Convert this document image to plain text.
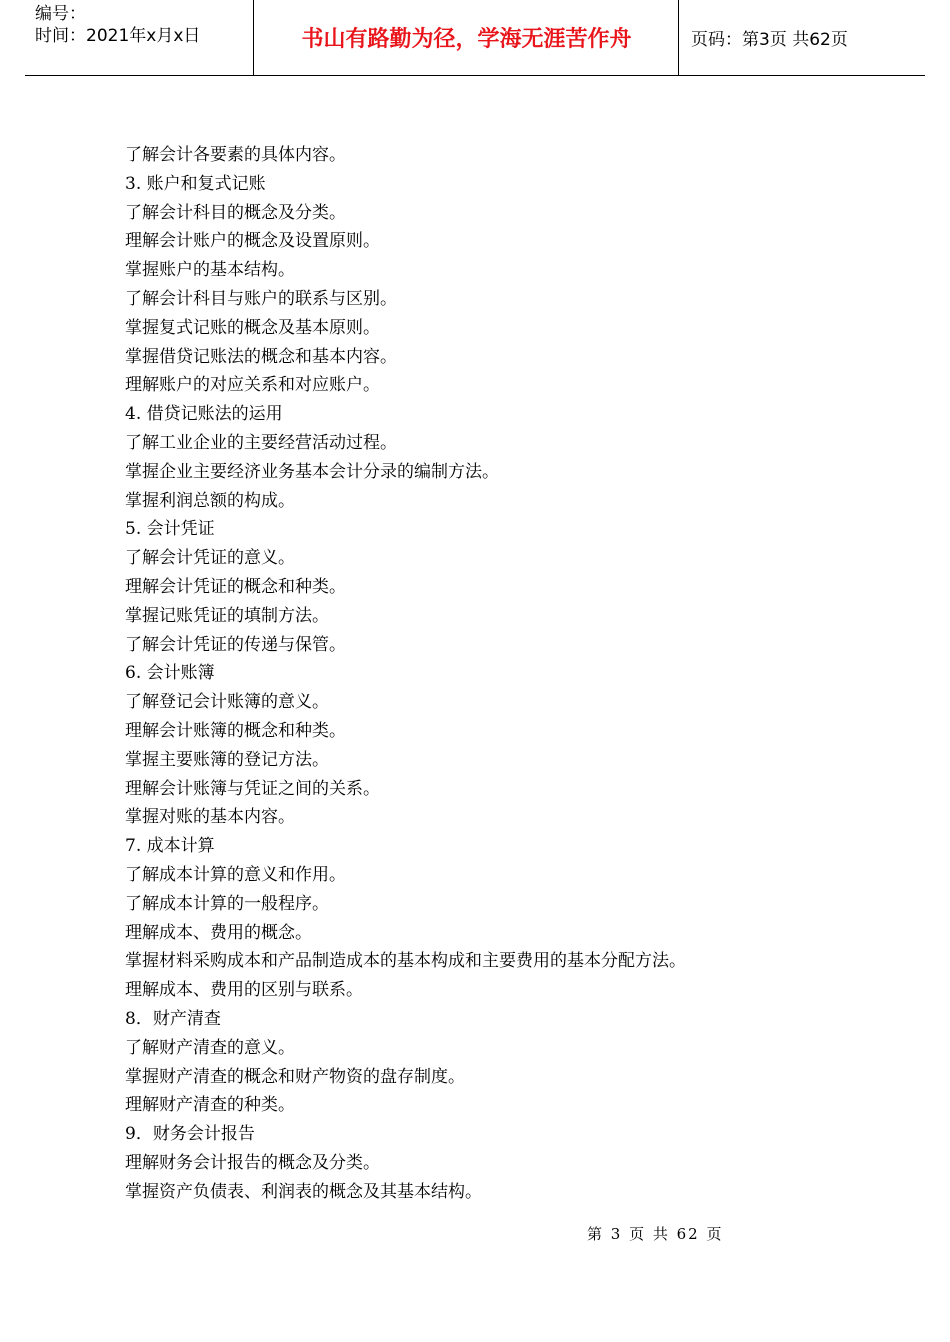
编号：
时间：2021年x月x日	书山有路勤为径，学海无涯苦作舟	页码：第3页 共62页
了解会计各要素的具体内容。
3. 账户和复式记账
了解会计科目的概念及分类。
理解会计账户的概念及设置原则。
掌握账户的基本结构。
了解会计科目与账户的联系与区别。
掌握复式记账的概念及基本原则。
掌握借贷记账法的概念和基本内容。
理解账户的对应关系和对应账户。
4. 借贷记账法的运用
了解工业企业的主要经营活动过程。
掌握企业主要经济业务基本会计分录的编制方法。
掌握利润总额的构成。
5. 会计凭证
了解会计凭证的意义。
理解会计凭证的概念和种类。
掌握记账凭证的填制方法。
了解会计凭证的传递与保管。
6. 会计账簿
了解登记会计账簿的意义。
理解会计账簿的概念和种类。
掌握主要账簿的登记方法。
理解会计账簿与凭证之间的关系。
掌握对账的基本内容。
7. 成本计算
了解成本计算的意义和作用。
了解成本计算的一般程序。
理解成本、费用的概念。
掌握材料采购成本和产品制造成本的基本构成和主要费用的基本分配方法。
理解成本、费用的区别与联系。
8．财产清查
了解财产清查的意义。
掌握财产清查的概念和财产物资的盘存制度。
理解财产清查的种类。
9．财务会计报告
理解财务会计报告的概念及分类。
掌握资产负债表、利润表的概念及其基本结构。
第 3 页 共 62 页
